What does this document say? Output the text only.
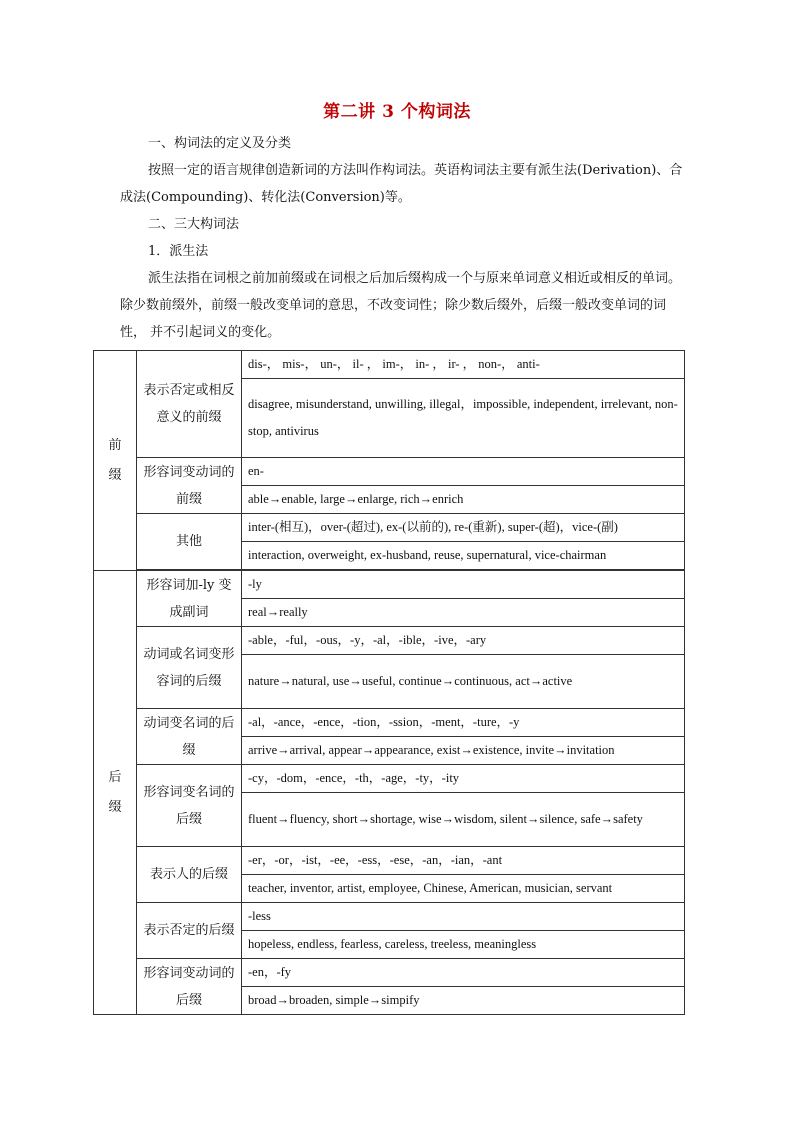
第二讲 3 个构词法
一、构词法的定义及分类
按照一定的语言规律创造新词的方法叫作构词法。英语构词法主要有派生法(Derivation)、合成法(Compounding)、转化法(Conversion)等。
二、三大构词法
1．派生法
派生法指在词根之前加前缀或在词根之后加后缀构成一个与原来单词意义相近或相反的单词。除少数前缀外，前缀一般改变单词的意思，不改变词性；除少数后缀外，后缀一般改变单词的词性， 并不引起词义的变化。
前
缀	表示否定或相反意义的前缀	dis-， mis-， un-， il- ， im-， in- ， ir- ， non-， anti-
		disagree, misunderstand, unwilling, illegal，impossible, independent, irrelevant, non-stop, antivirus
	形容词变动词的前缀	en-
		able→enable, large→enlarge, rich→enrich
	其他	inter-(相互)，over-(超过), ex-(以前的), re-(重新), super-(超)，vice-(副)
		interaction, overweight, ex-husband, reuse, supernatural, vice-chairman

后
缀	形容词加-ly 变成副词	-ly
		real→really
	动词或名词变形容词的后缀	-able，-ful，-ous，-y，-al，-ible，-ive，-ary
		nature→natural, use→useful, continue→continuous, act→active
	动词变名词的后缀	-al，-ance，-ence，-tion，-ssion，-ment，-ture，-y
		arrive→arrival, appear→appearance, exist→existence, invite→invitation
	形容词变名词的后缀	-cy，-dom，-ence，-th，-age，-ty，-ity
		fluent→fluency, short→shortage, wise→wisdom, silent→silence, safe→safety
	表示人的后缀	-er，-or，-ist，-ee，-ess，-ese，-an，-ian，-ant
		teacher, inventor, artist, employee, Chinese, American, musician, servant
	表示否定的后缀	-less
		hopeless, endless, fearless, careless, treeless, meaningless
	形容词变动词的后缀	-en，-fy
		broad→broaden, simple→simpify
